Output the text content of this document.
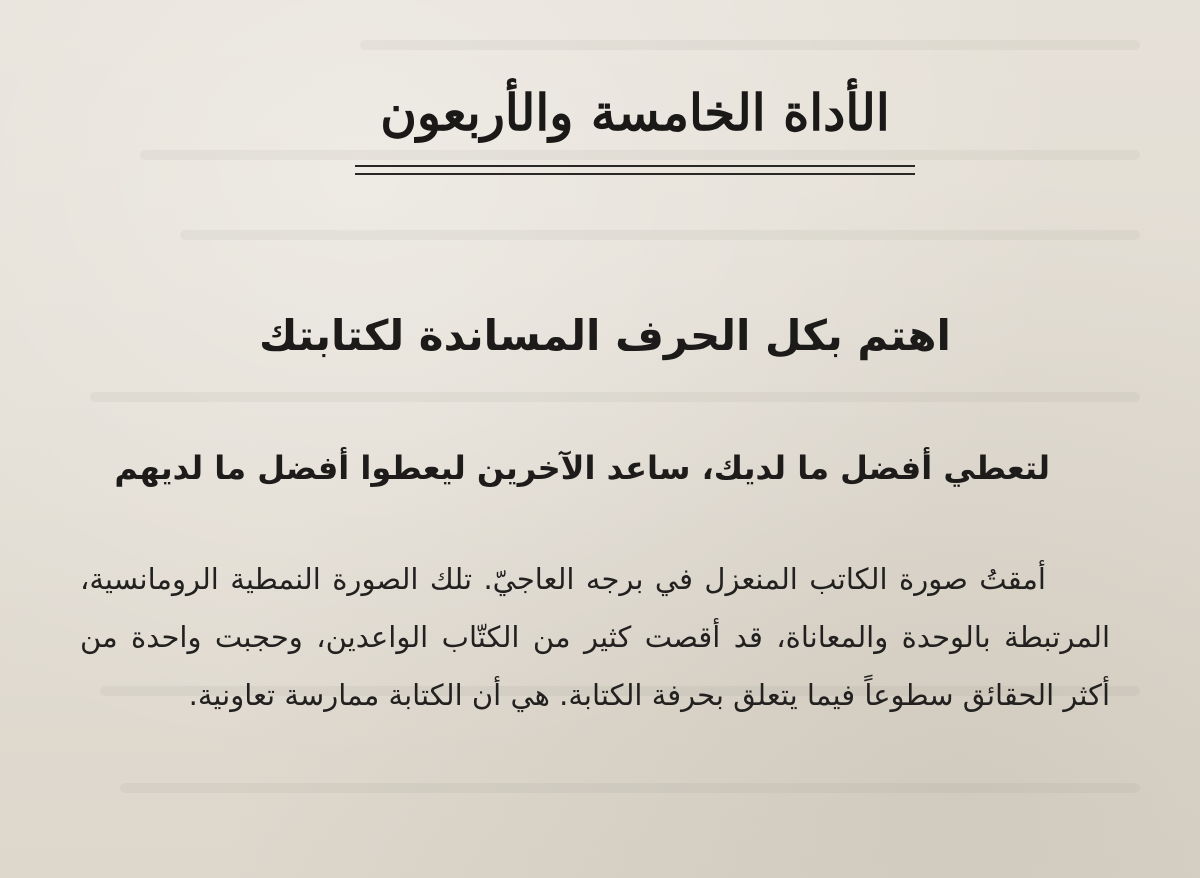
الأداة الخامسة والأربعون
اهتم بكل الحرف المساندة لكتابتك

لتعطي أفضل ما لديك، ساعد الآخرين ليعطوا أفضل ما لديهم

أمقتُ صورة الكاتب المنعزل في برجه العاجيّ. تلك الصورة النمطية الرومانسية، المرتبطة بالوحدة والمعاناة، قد أقصت كثير من الكتّاب الواعدين، وحجبت واحدة من أكثر الحقائق سطوعاً فيما يتعلق بحرفة الكتابة. هي أن الكتابة ممارسة تعاونية.
